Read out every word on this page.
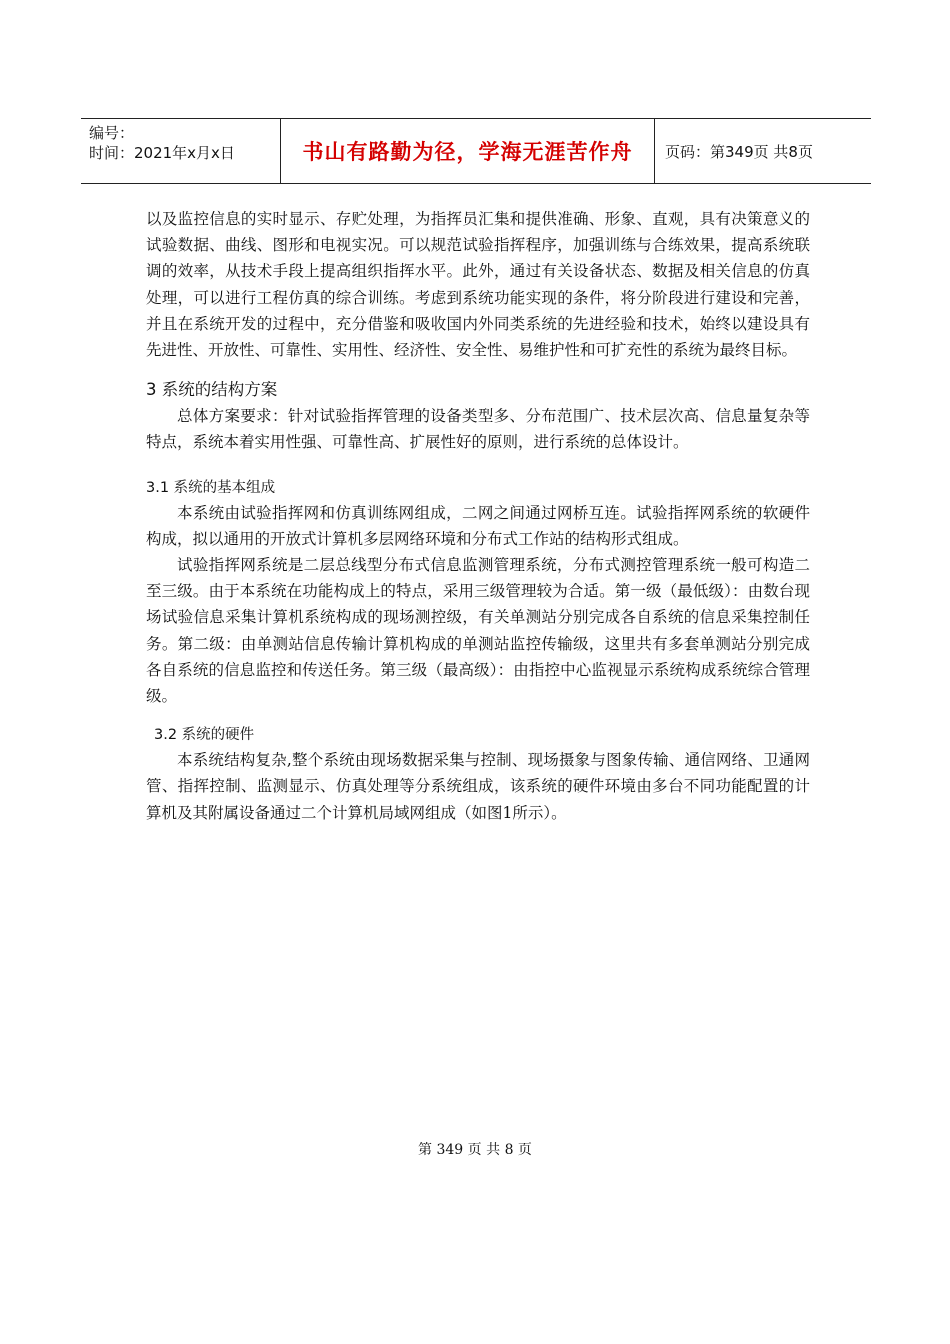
编号：
时间：2021年x月x日	书山有路勤为径，学海无涯苦作舟	页码：第349页 共8页

以及监控信息的实时显示、存贮处理，为指挥员汇集和提供准确、形象、直观，具有决策意义的试验数据、曲线、图形和电视实况。可以规范试验指挥程序，加强训练与合练效果，提高系统联调的效率，从技术手段上提高组织指挥水平。此外，通过有关设备状态、数据及相关信息的仿真处理，可以进行工程仿真的综合训练。考虑到系统功能实现的条件，将分阶段进行建设和完善，并且在系统开发的过程中，充分借鉴和吸收国内外同类系统的先进经验和技术，始终以建设具有先进性、开放性、可靠性、实用性、经济性、安全性、易维护性和可扩充性的系统为最终目标。

3 系统的结构方案

总体方案要求：针对试验指挥管理的设备类型多、分布范围广、技术层次高、信息量复杂等特点，系统本着实用性强、可靠性高、扩展性好的原则，进行系统的总体设计。

3.1 系统的基本组成

本系统由试验指挥网和仿真训练网组成，二网之间通过网桥互连。试验指挥网系统的软硬件构成，拟以通用的开放式计算机多层网络环境和分布式工作站的结构形式组成。

试验指挥网系统是二层总线型分布式信息监测管理系统，分布式测控管理系统一般可构造二至三级。由于本系统在功能构成上的特点，采用三级管理较为合适。第一级（最低级）：由数台现场试验信息采集计算机系统构成的现场测控级，有关单测站分别完成各自系统的信息采集控制任务。第二级：由单测站信息传输计算机构成的单测站监控传输级，这里共有多套单测站分别完成各自系统的信息监控和传送任务。第三级（最高级）：由指控中心监视显示系统构成系统综合管理级。

3.2 系统的硬件

本系统结构复杂,整个系统由现场数据采集与控制、现场摄象与图象传输、通信网络、卫通网管、指挥控制、监测显示、仿真处理等分系统组成，该系统的硬件环境由多台不同功能配置的计算机及其附属设备通过二个计算机局域网组成（如图1所示）。

第 349 页 共 8 页
